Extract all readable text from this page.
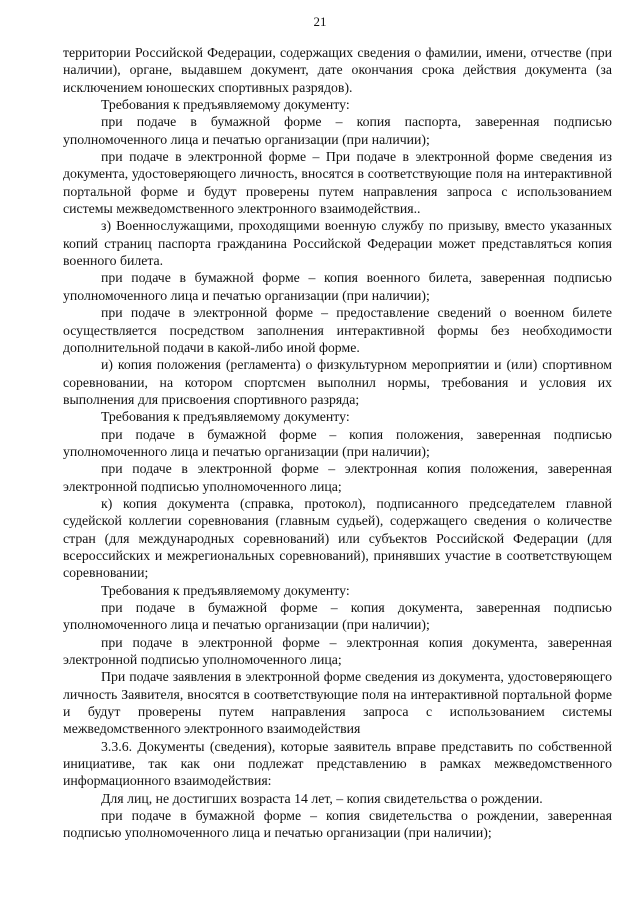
21

территории Российской Федерации, содержащих сведения о фамилии, имени, отчестве (при наличии), органе, выдавшем документ, дате окончания срока действия документа (за исключением юношеских спортивных разрядов).

Требования к предъявляемому документу:

при подаче в бумажной форме – копия паспорта, заверенная подписью уполномоченного лица и печатью организации (при наличии);

при подаче в электронной форме – При подаче в электронной форме сведения из документа, удостоверяющего личность, вносятся в соответствующие поля на интерактивной портальной форме и будут проверены путем направления запроса с использованием системы межведомственного электронного взаимодействия..

з) Военнослужащими, проходящими военную службу по призыву, вместо указанных копий страниц паспорта гражданина Российской Федерации может представляться копия военного билета.

при подаче в бумажной форме – копия военного билета, заверенная подписью уполномоченного лица и печатью организации (при наличии);

при подаче в электронной форме – предоставление сведений о военном билете осуществляется посредством заполнения интерактивной формы без необходимости дополнительной подачи в какой-либо иной форме.

и) копия положения (регламента) о физкультурном мероприятии и (или) спортивном соревновании, на котором спортсмен выполнил нормы, требования и условия их выполнения для присвоения спортивного разряда;

Требования к предъявляемому документу:

при подаче в бумажной форме – копия положения, заверенная подписью уполномоченного лица и печатью организации (при наличии);

при подаче в электронной форме – электронная копия положения, заверенная электронной подписью уполномоченного лица;

к) копия документа (справка, протокол), подписанного председателем главной судейской коллегии соревнования (главным судьей), содержащего сведения о количестве стран (для международных соревнований) или субъектов Российской Федерации (для всероссийских и межрегиональных соревнований), принявших участие в соответствующем соревновании;

Требования к предъявляемому документу:

при подаче в бумажной форме – копия документа, заверенная подписью уполномоченного лица и печатью организации (при наличии);

при подаче в электронной форме – электронная копия документа, заверенная электронной подписью уполномоченного лица;

При подаче заявления в электронной форме сведения из документа, удостоверяющего личность Заявителя, вносятся в соответствующие поля на интерактивной портальной форме и будут проверены путем направления запроса с использованием системы межведомственного электронного взаимодействия

3.3.6. Документы (сведения), которые заявитель вправе представить по собственной инициативе, так как они подлежат представлению в рамках межведомственного информационного взаимодействия:

Для лиц, не достигших возраста 14 лет, – копия свидетельства о рождении.

при подаче в бумажной форме – копия свидетельства о рождении, заверенная подписью уполномоченного лица и печатью организации (при наличии);
